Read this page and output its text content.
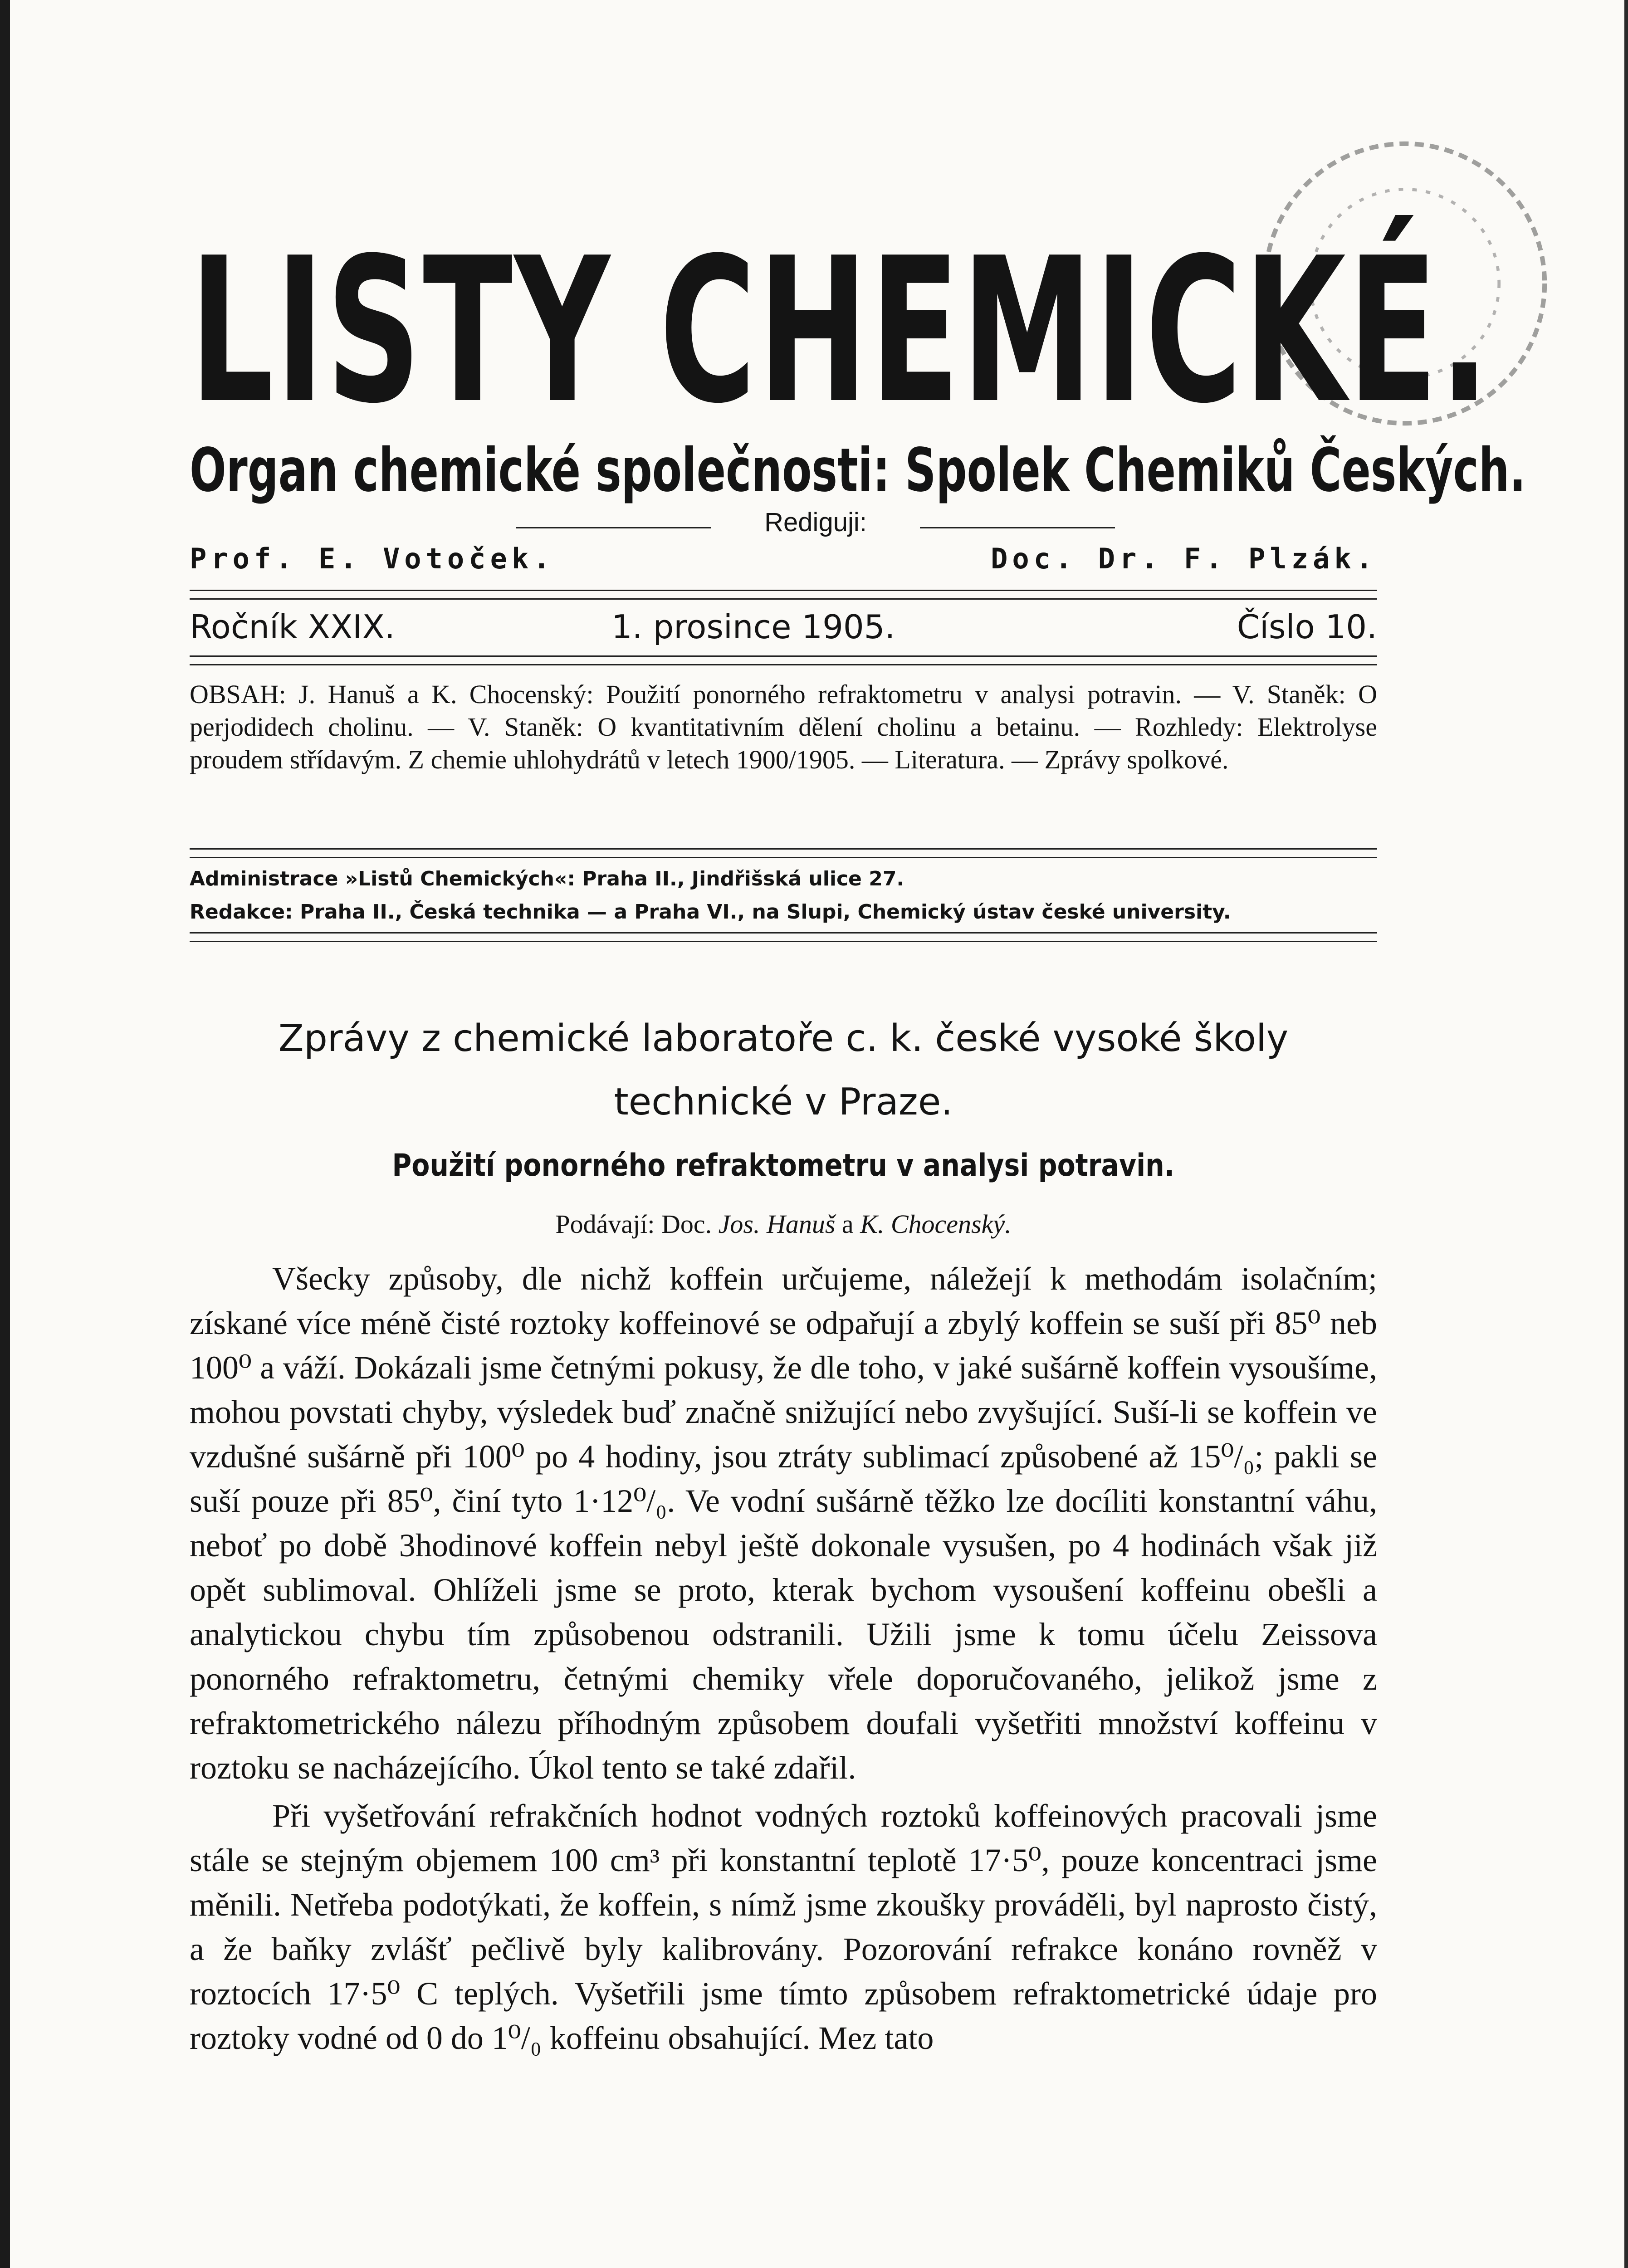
LISTY CHEMICKÉ.
Organ chemické společnosti: Spolek Chemiků Českých.
Rediguji:
Prof. E. Votoček.	Doc. Dr. F. Plzák.
Ročník XXIX.	1. prosince 1905.	Číslo 10.
OBSAH: J. Hanuš a K. Chocenský: Použití ponorného refraktometru v analysi potravin. — V. Staněk: O perjodidech cholinu. — V. Staněk: O kvantitativním dělení cholinu a betainu. — Rozhledy: Elektrolyse proudem střídavým. Z chemie uhlohydrátů v letech 1900/1905. — Literatura. — Zprávy spolkové.
Administrace »Listů Chemických«: Praha II., Jindřišská ulice 27.
Redakce: Praha II., Česká technika — a Praha VI., na Slupi, Chemický ústav české university.
Zprávy z chemické laboratoře c. k. české vysoké školy technické v Praze.
Použití ponorného refraktometru v analysi potravin.
Podávají: Doc. Jos. Hanuš a K. Chocenský.

Všecky způsoby, dle nichž koffein určujeme, náležejí k methodám isolačním; získané více méně čisté roztoky koffeinové se odpařují a zbylý koffein se suší při 85⁰ neb 100⁰ a váží. Dokázali jsme četnými pokusy, že dle toho, v jaké sušárně koffein vysoušíme, mohou povstati chyby, výsledek buď značně snižující nebo zvyšující. Suší-li se koffein ve vzdušné sušárně při 100⁰ po 4 hodiny, jsou ztráty sublimací způsobené až 15⁰/₀; pakli se suší pouze při 85⁰, činí tyto 1·12⁰/₀. Ve vodní sušárně těžko lze docíliti konstantní váhu, neboť po době 3hodinové koffein nebyl ještě dokonale vysušen, po 4 hodinách však již opět sublimoval. Ohlíželi jsme se proto, kterak bychom vysoušení koffeinu obešli a analytickou chybu tím způsobenou odstranili. Užili jsme k tomu účelu Zeissova ponorného refraktometru, četnými chemiky vřele doporučovaného, jelikož jsme z refraktometrického nálezu příhodným způsobem doufali vyšetřiti množství koffeinu v roztoku se nacházejícího. Úkol tento se také zdařil.

Při vyšetřování refrakčních hodnot vodných roztoků koffeinových pracovali jsme stále se stejným objemem 100 cm³ při konstantní teplotě 17·5⁰, pouze koncentraci jsme měnili. Netřeba podotýkati, že koffein, s nímž jsme zkoušky prováděli, byl naprosto čistý, a že baňky zvlášť pečlivě byly kalibrovány. Pozorování refrakce konáno rovněž v roztocích 17·5⁰ C teplých. Vyšetřili jsme tímto způsobem refraktometrické údaje pro roztoky vodné od 0 do 1⁰/₀ koffeinu obsahující. Mez tato
